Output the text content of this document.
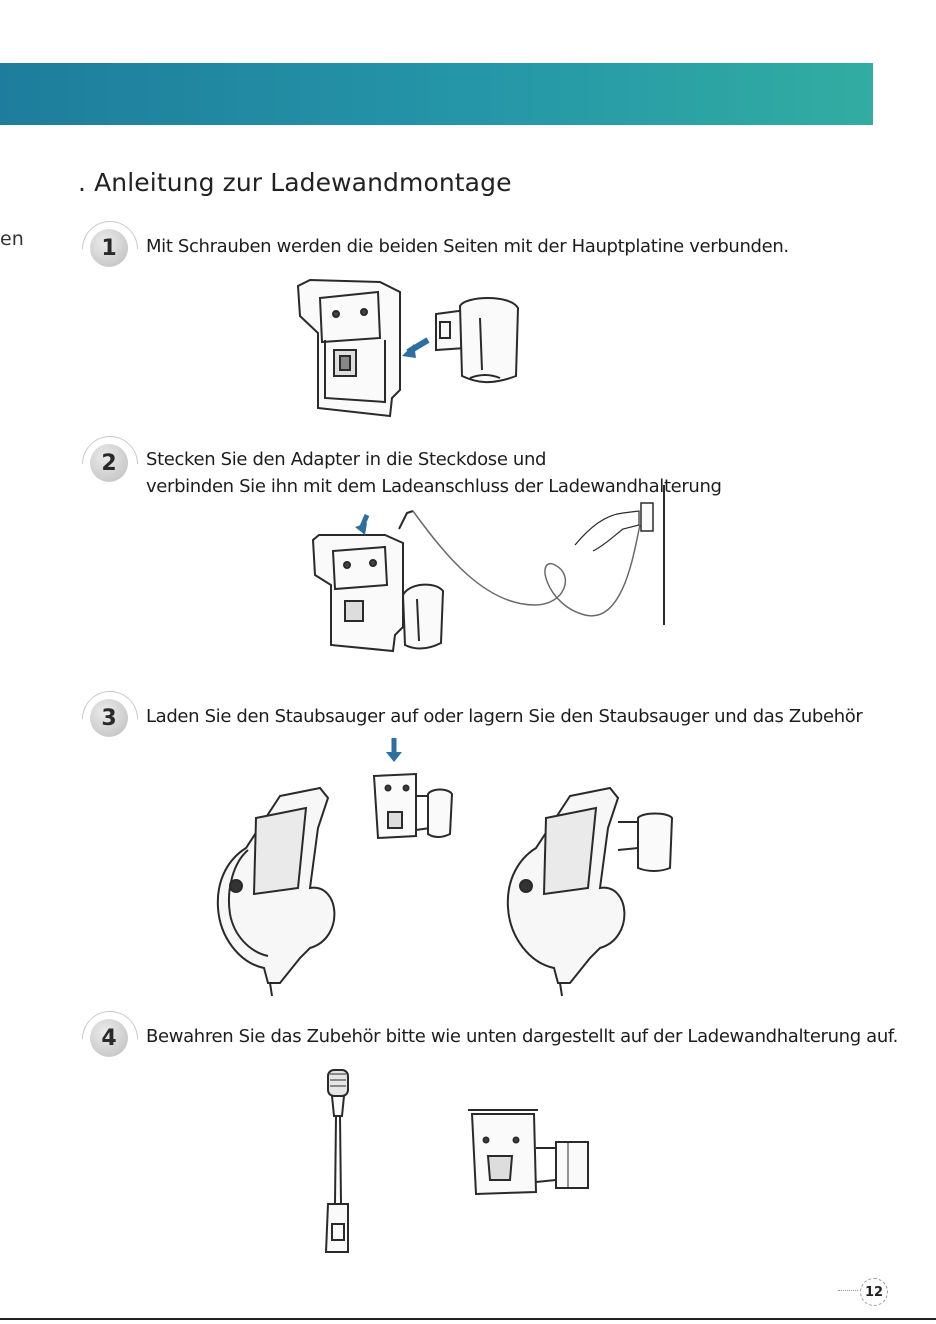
en
. Anleitung zur Ladewandmontage
1	Mit Schrauben werden die beiden Seiten mit der Hauptplatine verbunden.
2	Stecken Sie den Adapter in die Steckdose und
verbinden Sie ihn mit dem Ladeanschluss der Ladewandhalterung
3	Laden Sie den Staubsauger auf oder lagern Sie den Staubsauger und das Zubehör
4	Bewahren Sie das Zubehör bitte wie unten dargestellt auf der Ladewandhalterung auf.
12
